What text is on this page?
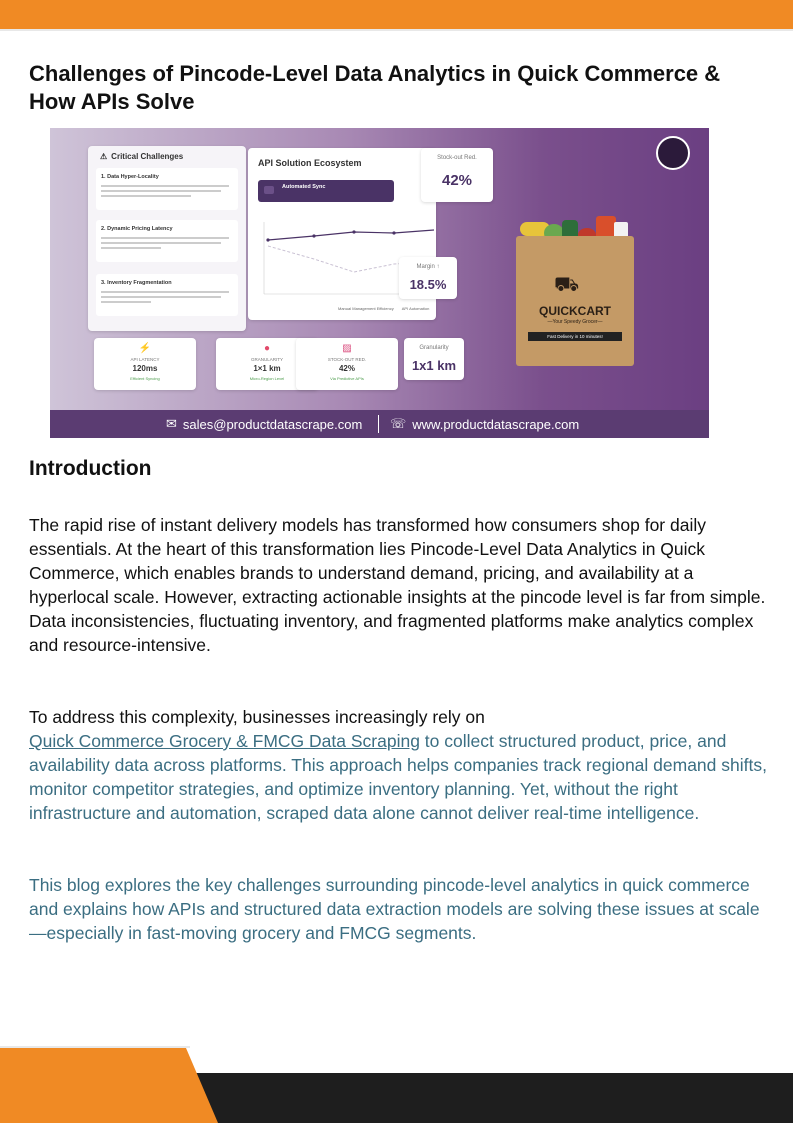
Challenges of Pincode-Level Data Analytics in Quick Commerce & How APIs Solve
⚠ Critical Challenges
1. Data Hyper-Locality
2. Dynamic Pricing Latency
3. Inventory Fragmentation
API Solution Ecosystem
Automated Sync
Manual Management Efficiency API Automation
Stock-out Red.
42%
Margin ↑
18.5%
Granularity
1x1 km
⚡
API LATENCY
120ms
Efficient Syncing
●
GRANULARITY
1×1 km
Micro-Region Level
▨
STOCK-OUT RED.
42%
Via Predictive APIs
⛟
QUICKCART
—Your Speedy Grocer—
Fast Delivery in 10 minutes!
✉ sales@productdatascrape.com ☏ www.productdatascrape.com
Introduction

The rapid rise of instant delivery models has transformed how consumers shop for daily essentials. At the heart of this transformation lies Pincode-Level Data Analytics in Quick Commerce, which enables brands to understand demand, pricing, and availability at a hyperlocal scale. However, extracting actionable insights at the pincode level is far from simple. Data inconsistencies, fluctuating inventory, and fragmented platforms make analytics complex and resource-intensive.

To address this complexity, businesses increasingly rely on
Quick Commerce Grocery & FMCG Data Scraping to collect structured product, price, and availability data across platforms. This approach helps companies track regional demand shifts, monitor competitor strategies, and optimize inventory planning. Yet, without the right infrastructure and automation, scraped data alone cannot deliver real-time intelligence.

This blog explores the key challenges surrounding pincode-level analytics in quick commerce and explains how APIs and structured data extraction models are solving these issues at scale—especially in fast-moving grocery and FMCG segments.
